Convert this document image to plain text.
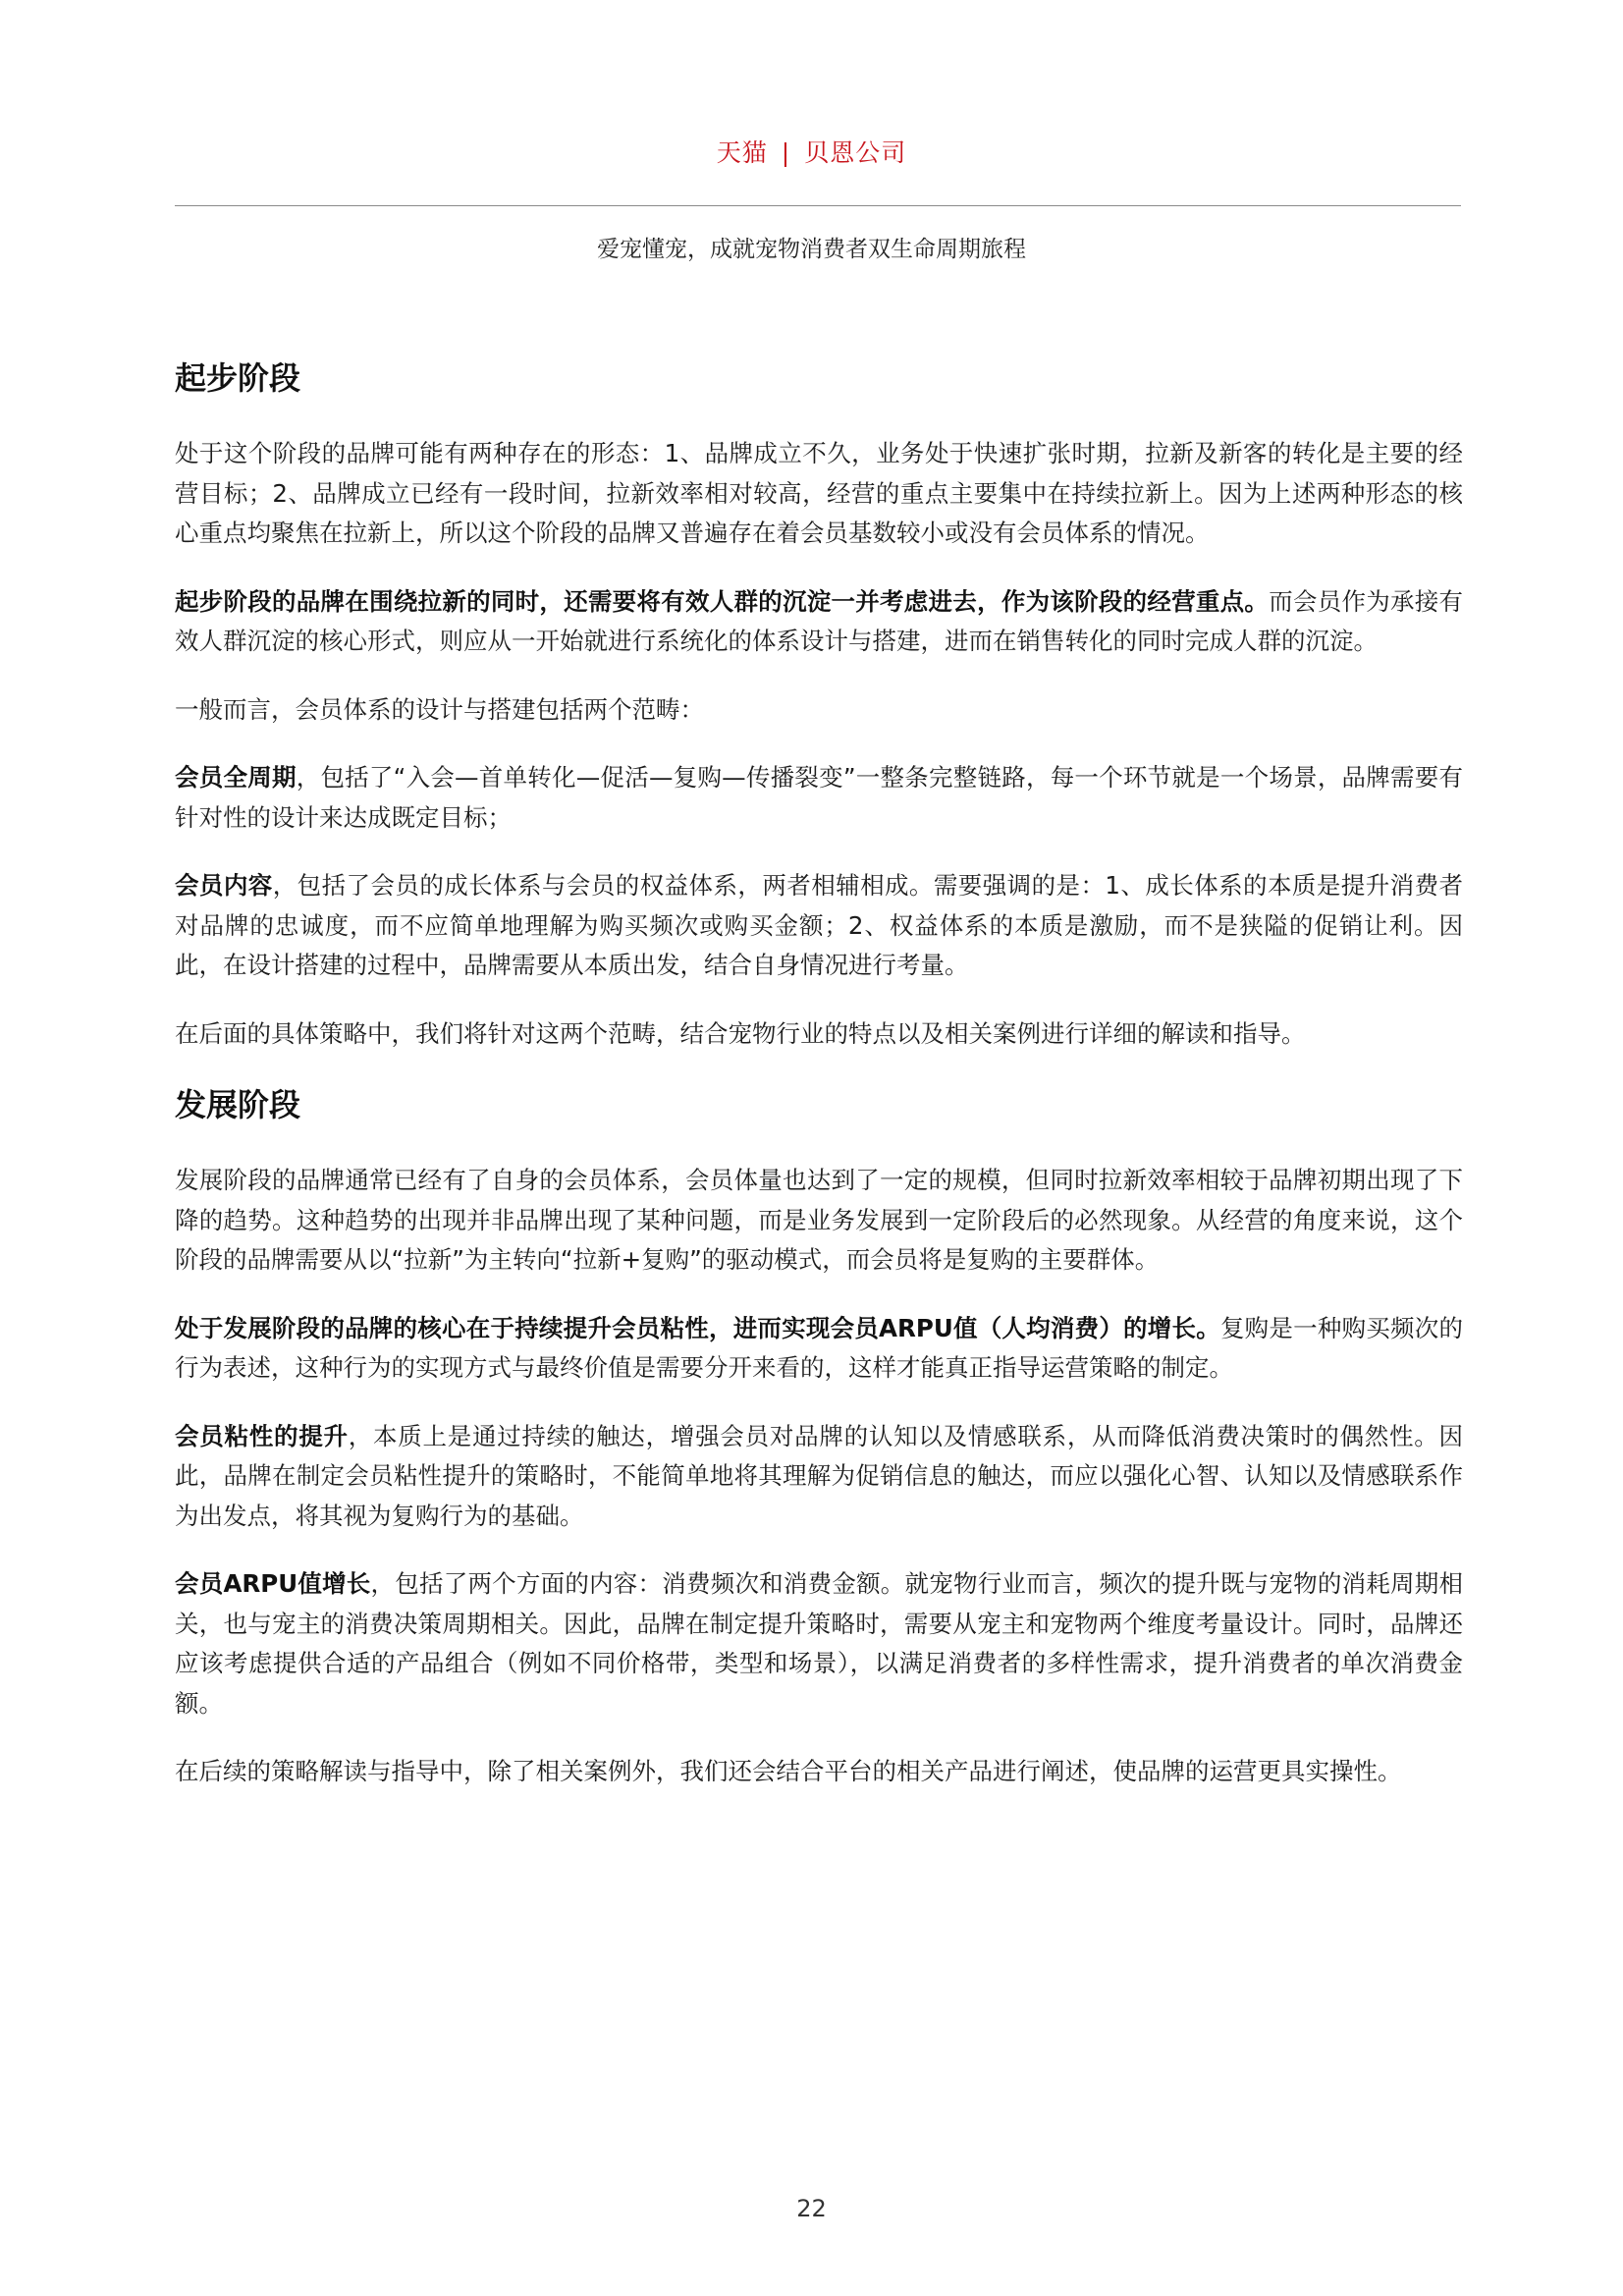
天猫 | 贝恩公司
爱宠懂宠，成就宠物消费者双生命周期旅程
起步阶段

处于这个阶段的品牌可能有两种存在的形态：1、品牌成立不久，业务处于快速扩张时期，拉新及新客的转化是主要的经营目标；2、品牌成立已经有一段时间，拉新效率相对较高，经营的重点主要集中在持续拉新上。因为上述两种形态的核心重点均聚焦在拉新上，所以这个阶段的品牌又普遍存在着会员基数较小或没有会员体系的情况。

起步阶段的品牌在围绕拉新的同时，还需要将有效人群的沉淀一并考虑进去，作为该阶段的经营重点。而会员作为承接有效人群沉淀的核心形式，则应从一开始就进行系统化的体系设计与搭建，进而在销售转化的同时完成人群的沉淀。

一般而言，会员体系的设计与搭建包括两个范畴：

会员全周期，包括了“入会—首单转化—促活—复购—传播裂变”一整条完整链路，每一个环节就是一个场景，品牌需要有针对性的设计来达成既定目标；

会员内容，包括了会员的成长体系与会员的权益体系，两者相辅相成。需要强调的是：1、成长体系的本质是提升消费者对品牌的忠诚度，而不应简单地理解为购买频次或购买金额；2、权益体系的本质是激励，而不是狭隘的促销让利。因此，在设计搭建的过程中，品牌需要从本质出发，结合自身情况进行考量。

在后面的具体策略中，我们将针对这两个范畴，结合宠物行业的特点以及相关案例进行详细的解读和指导。

发展阶段

发展阶段的品牌通常已经有了自身的会员体系，会员体量也达到了一定的规模，但同时拉新效率相较于品牌初期出现了下降的趋势。这种趋势的出现并非品牌出现了某种问题，而是业务发展到一定阶段后的必然现象。从经营的角度来说，这个阶段的品牌需要从以“拉新”为主转向“拉新+复购”的驱动模式，而会员将是复购的主要群体。

处于发展阶段的品牌的核心在于持续提升会员粘性，进而实现会员ARPU值（人均消费）的增长。复购是一种购买频次的行为表述，这种行为的实现方式与最终价值是需要分开来看的，这样才能真正指导运营策略的制定。

会员粘性的提升，本质上是通过持续的触达，增强会员对品牌的认知以及情感联系，从而降低消费决策时的偶然性。因此，品牌在制定会员粘性提升的策略时，不能简单地将其理解为促销信息的触达，而应以强化心智、认知以及情感联系作为出发点，将其视为复购行为的基础。

会员ARPU值增长，包括了两个方面的内容：消费频次和消费金额。就宠物行业而言，频次的提升既与宠物的消耗周期相关，也与宠主的消费决策周期相关。因此，品牌在制定提升策略时，需要从宠主和宠物两个维度考量设计。同时，品牌还应该考虑提供合适的产品组合（例如不同价格带，类型和场景），以满足消费者的多样性需求，提升消费者的单次消费金额。

在后续的策略解读与指导中，除了相关案例外，我们还会结合平台的相关产品进行阐述，使品牌的运营更具实操性。

22
